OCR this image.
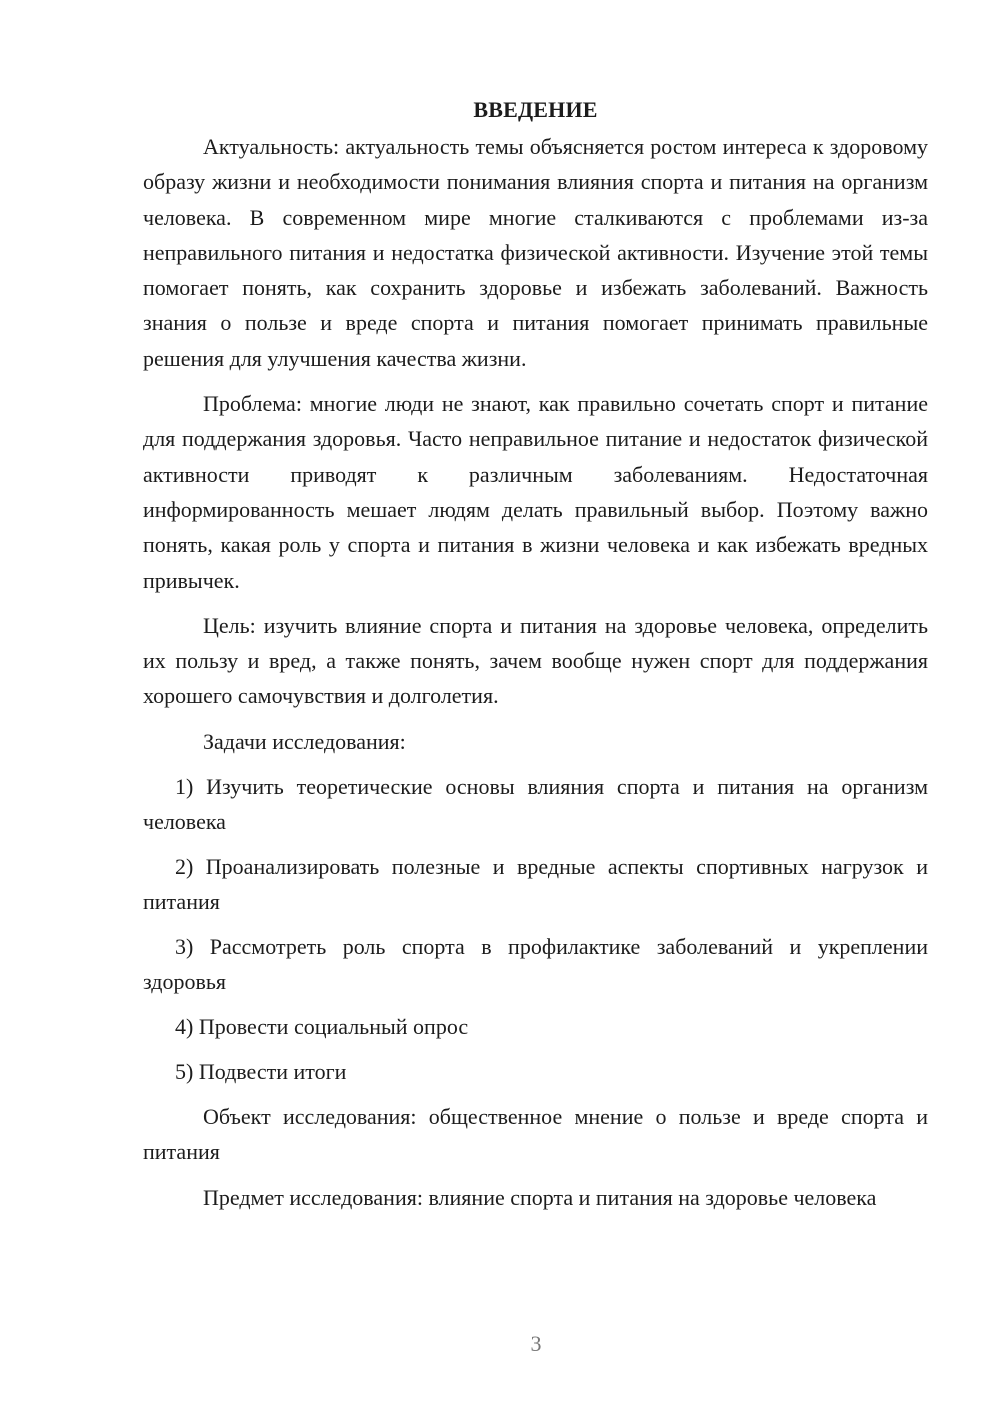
ВВЕДЕНИЕ

Актуальность: актуальность темы объясняется ростом интереса к здоровому образу жизни и необходимости понимания влияния спорта и питания на организм человека. В современном мире многие сталкиваются с проблемами из-за неправильного питания и недостатка физической активности. Изучение этой темы помогает понять, как сохранить здоровье и избежать заболеваний. Важность знания о пользе и вреде спорта и питания помогает принимать правильные решения для улучшения качества жизни.

Проблема: многие люди не знают, как правильно сочетать спорт и питание для поддержания здоровья. Часто неправильное питание и недостаток физической активности приводят к различным заболеваниям. Недостаточная информированность мешает людям делать правильный выбор. Поэтому важно понять, какая роль у спорта и питания в жизни человека и как избежать вредных привычек.

Цель: изучить влияние спорта и питания на здоровье человека, определить их пользу и вред, а также понять, зачем вообще нужен спорт для поддержания хорошего самочувствия и долголетия.

Задачи исследования:

1) Изучить теоретические основы влияния спорта и питания на организм человека

2) Проанализировать полезные и вредные аспекты спортивных нагрузок и питания

3) Рассмотреть роль спорта в профилактике заболеваний и укреплении здоровья

4) Провести социальный опрос

5) Подвести итоги

Объект исследования: общественное мнение о пользе и вреде спорта и питания

Предмет исследования: влияние спорта и питания на здоровье человека

3
